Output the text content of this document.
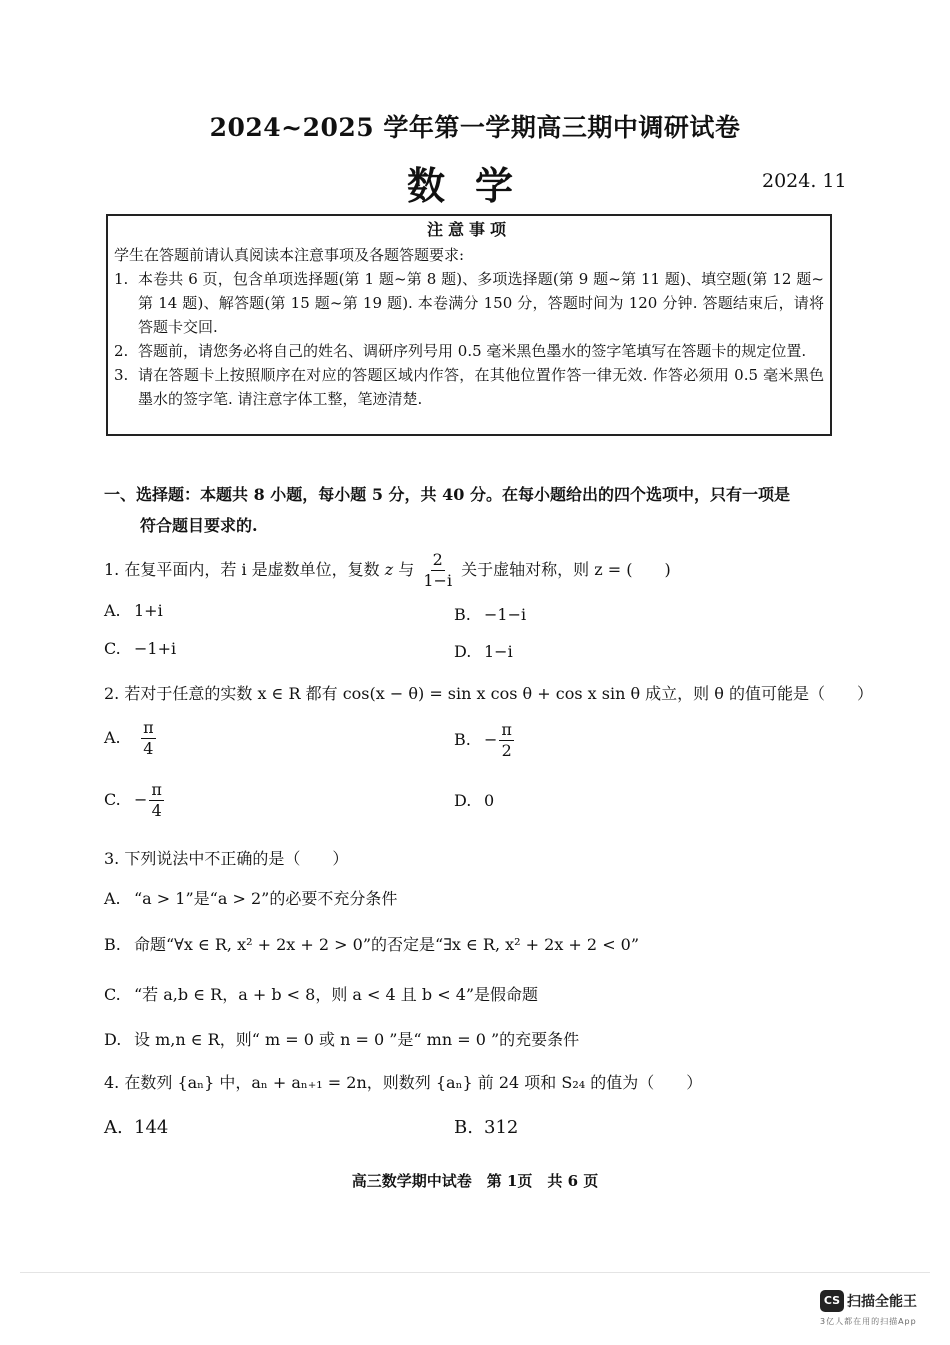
2024~2025 学年第一学期高三期中调研试卷
数学	2024. 11
注意事项
学生在答题前请认真阅读本注意事项及各题答题要求:
1. 本卷共 6 页，包含单项选择题(第 1 题~第 8 题)、多项选择题(第 9 题~第 11 题)、填空题(第 12 题~第 14 题)、解答题(第 15 题~第 19 题). 本卷满分 150 分，答题时间为 120 分钟. 答题结束后，请将答题卡交回.
2. 答题前，请您务必将自己的姓名、调研序列号用 0.5 毫米黑色墨水的签字笔填写在答题卡的规定位置.
3. 请在答题卡上按照顺序在对应的答题区域内作答，在其他位置作答一律无效. 作答必须用 0.5 毫米黑色墨水的签字笔. 请注意字体工整，笔迹清楚.
一、选择题：本题共 8 小题，每小题 5 分，共 40 分。在每小题给出的四个选项中，只有一项是
符合题目要求的.
1. 在复平面内，若 i 是虚数单位，复数 z 与 $\frac{2}{1-i}$ 关于虚轴对称，则 z = (　　)
A. 1+i	B. −1−i
C. −1+i	D. 1−i
2. 若对于任意的实数 x ∈ R 都有 cos(x − θ) = sin x cos θ + cos x sin θ 成立，则 θ 的值可能是（　　）
A. $\frac{\pi}{4}$	B. − $\frac{\pi}{2}$
C. − $\frac{\pi}{4}$	D. 0
3. 下列说法中不正确的是（　　）
A. “a > 1”是“a > 2”的必要不充分条件
B. 命题“∀x ∈ R, x² + 2x + 2 > 0”的否定是“∃x ∈ R, x² + 2x + 2 < 0”
C. “若 a,b ∈ R，a + b < 8，则 a < 4 且 b < 4”是假命题
D. 设 m,n ∈ R，则“ m = 0 或 n = 0 ”是“ mn = 0 ”的充要条件
4. 在数列 {aₙ} 中，aₙ + aₙ₊₁ = 2n，则数列 {aₙ} 前 24 项和 S₂₄ 的值为（　　）
A. 144	B. 312
高三数学期中试卷　第 1页　共 6 页
CS 扫描全能王
3亿人都在用的扫描App
